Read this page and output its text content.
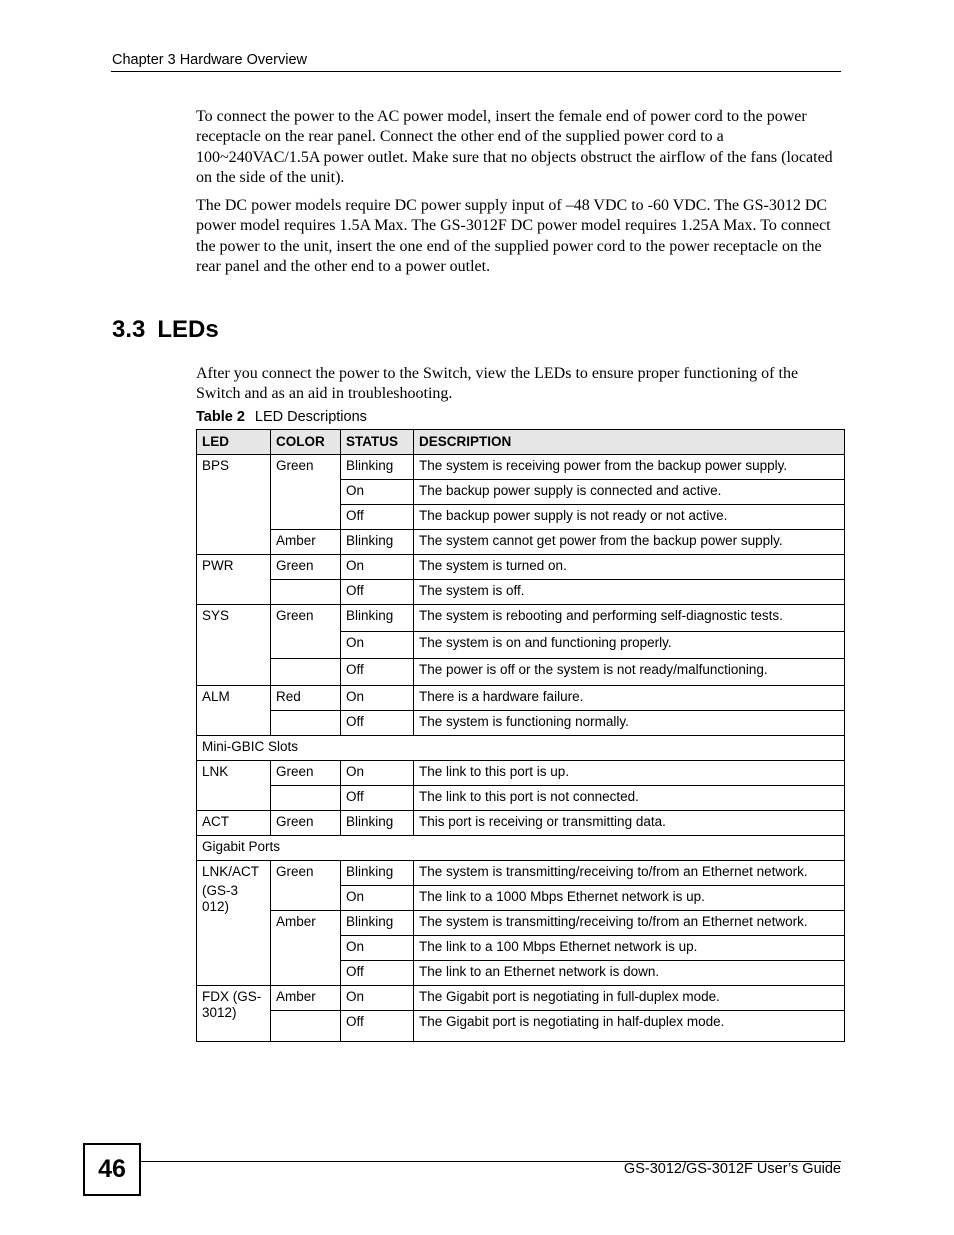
Chapter 3 Hardware Overview

To connect the power to the AC power model, insert the female end of power cord to the power receptacle on the rear panel. Connect the other end of the supplied power cord to a 100~240VAC/1.5A power outlet. Make sure that no objects obstruct the airflow of the fans (located on the side of the unit).

The DC power models require DC power supply input of –48 VDC to -60 VDC. The GS-3012 DC power model requires 1.5A Max. The GS-3012F DC power model requires 1.25A Max. To connect the power to the unit, insert the one end of the supplied power cord to the power receptacle on the rear panel and the other end to a power outlet.

3.3 LEDs

After you connect the power to the Switch, view the LEDs to ensure proper functioning of the Switch and as an aid in troubleshooting.

Table 2 LED Descriptions
LED	COLOR	STATUS	DESCRIPTION
BPS	Green	Blinking	The system is receiving power from the backup power supply.
		On	The backup power supply is connected and active.
		Off	The backup power supply is not ready or not active.
	Amber	Blinking	The system cannot get power from the backup power supply.
PWR	Green	On	The system is turned on.
		Off	The system is off.
SYS	Green	Blinking	The system is rebooting and performing self-diagnostic tests.
		On	The system is on and functioning properly.
		Off	The power is off or the system is not ready/malfunctioning.
ALM	Red	On	There is a hardware failure.
		Off	The system is functioning normally.
Mini-GBIC Slots			
LNK	Green	On	The link to this port is up.
		Off	The link to this port is not connected.
ACT	Green	Blinking	This port is receiving or transmitting data.
Gigabit Ports			

LNK/ACT
(GS-3012)	Green	Blinking	The system is transmitting/receiving to/from an Ethernet network.
		On	The link to a 1000 Mbps Ethernet network is up.
	Amber	Blinking	The system is transmitting/receiving to/from an Ethernet network.
		On	The link to a 100 Mbps Ethernet network is up.
		Off	The link to an Ethernet network is down.

FDX (GS-3012)	Amber	On	The Gigabit port is negotiating in full-duplex mode.
		Off	The Gigabit port is negotiating in half-duplex mode.
46	GS-3012/GS-3012F User’s Guide
